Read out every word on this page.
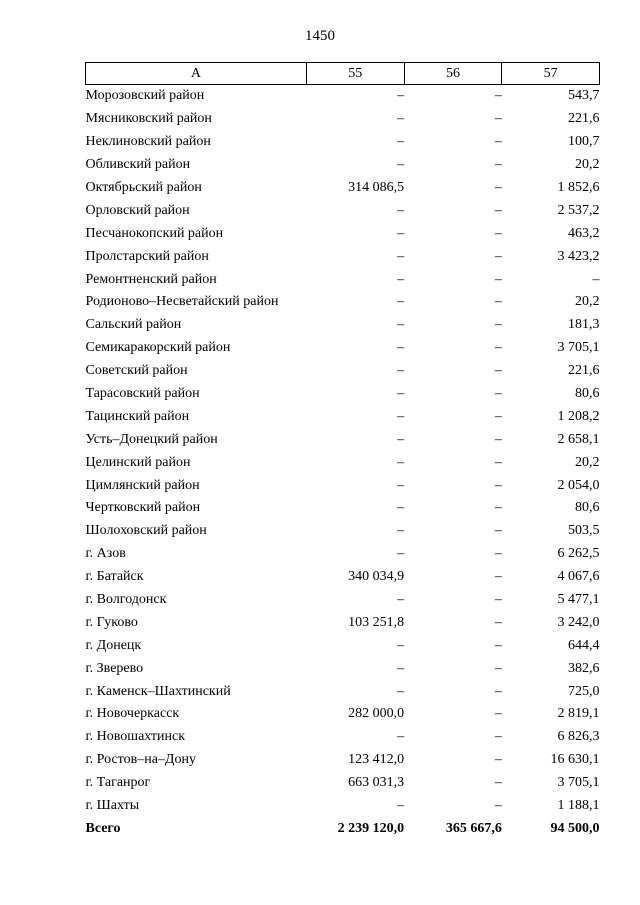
1450
А	55	56	57
Морозовский район	–	–	543,7
Мясниковский район	–	–	221,6
Неклиновский район	–	–	100,7
Обливский район	–	–	20,2
Октябрьский район	314 086,5	–	1 852,6
Орловский район	–	–	2 537,2
Песчанокопский район	–	–	463,2
Пролстарский район	–	–	3 423,2
Ремонтненский район	–	–	–
Родионово–Несветайский район	–	–	20,2
Сальский район	–	–	181,3
Семикаракорский район	–	–	3 705,1
Советский район	–	–	221,6
Тарасовский район	–	–	80,6
Тацинский район	–	–	1 208,2
Усть–Донецкий район	–	–	2 658,1
Целинский район	–	–	20,2
Цимлянский район	–	–	2 054,0
Чертковский район	–	–	80,6
Шолоховский район	–	–	503,5
г. Азов	–	–	6 262,5
г. Батайск	340 034,9	–	4 067,6
г. Волгодонск	–	–	5 477,1
г. Гуково	103 251,8	–	3 242,0
г. Донецк	–	–	644,4
г. Зверево	–	–	382,6
г. Каменск–Шахтинский	–	–	725,0
г. Новочеркасск	282 000,0	–	2 819,1
г. Новошахтинск	–	–	6 826,3
г. Ростов–на–Дону	123 412,0	–	16 630,1
г. Таганрог	663 031,3	–	3 705,1
г. Шахты	–	–	1 188,1
Всего	2 239 120,0	365 667,6	94 500,0
